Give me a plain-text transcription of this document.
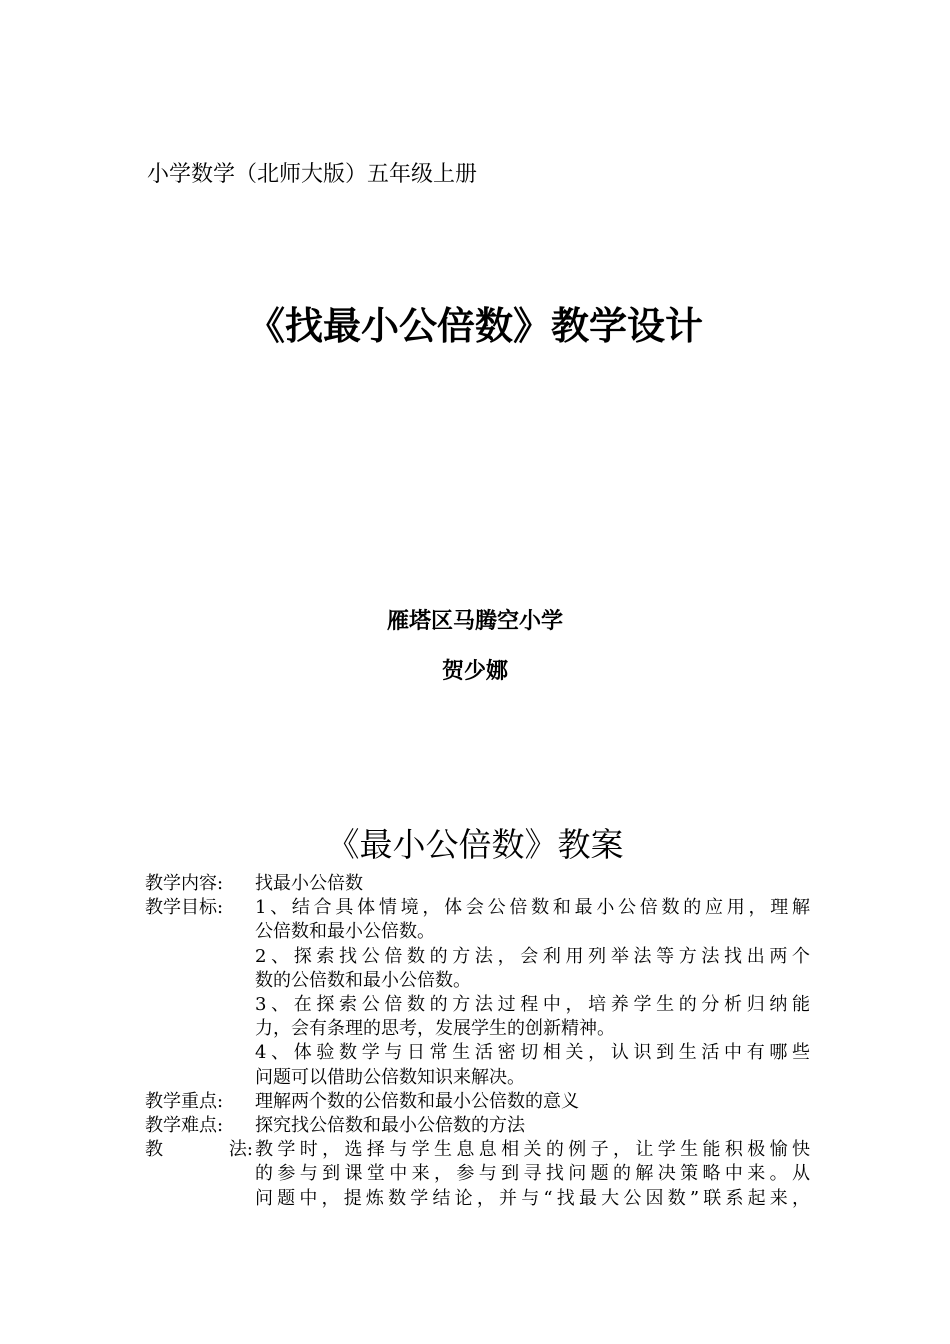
小学数学（北师大版）五年级上册
《找最小公倍数》教学设计
雁塔区马腾空小学
贺少娜
《最小公倍数》教案
教学内容:	找最小公倍数
教学目标:	1、结合具体情境，体会公倍数和最小公倍数的应用，理解
公倍数和最小公倍数。
2、探索找公倍数的方法，会利用列举法等方法找出两个
数的公倍数和最小公倍数。
3、在探索公倍数的方法过程中，培养学生的分析归纳能
力，会有条理的思考，发展学生的创新精神。
4、体验数学与日常生活密切相关，认识到生活中有哪些
问题可以借助公倍数知识来解决。
教学重点:	理解两个数的公倍数和最小公倍数的意义
教学难点:	探究找公倍数和最小公倍数的方法
教	法: 教学时，选择与学生息息相关的例子，让学生能积极愉快
的参与到课堂中来，参与到寻找问题的解决策略中来。从
问题中，提炼数学结论，并与“找最大公因数”联系起来，
